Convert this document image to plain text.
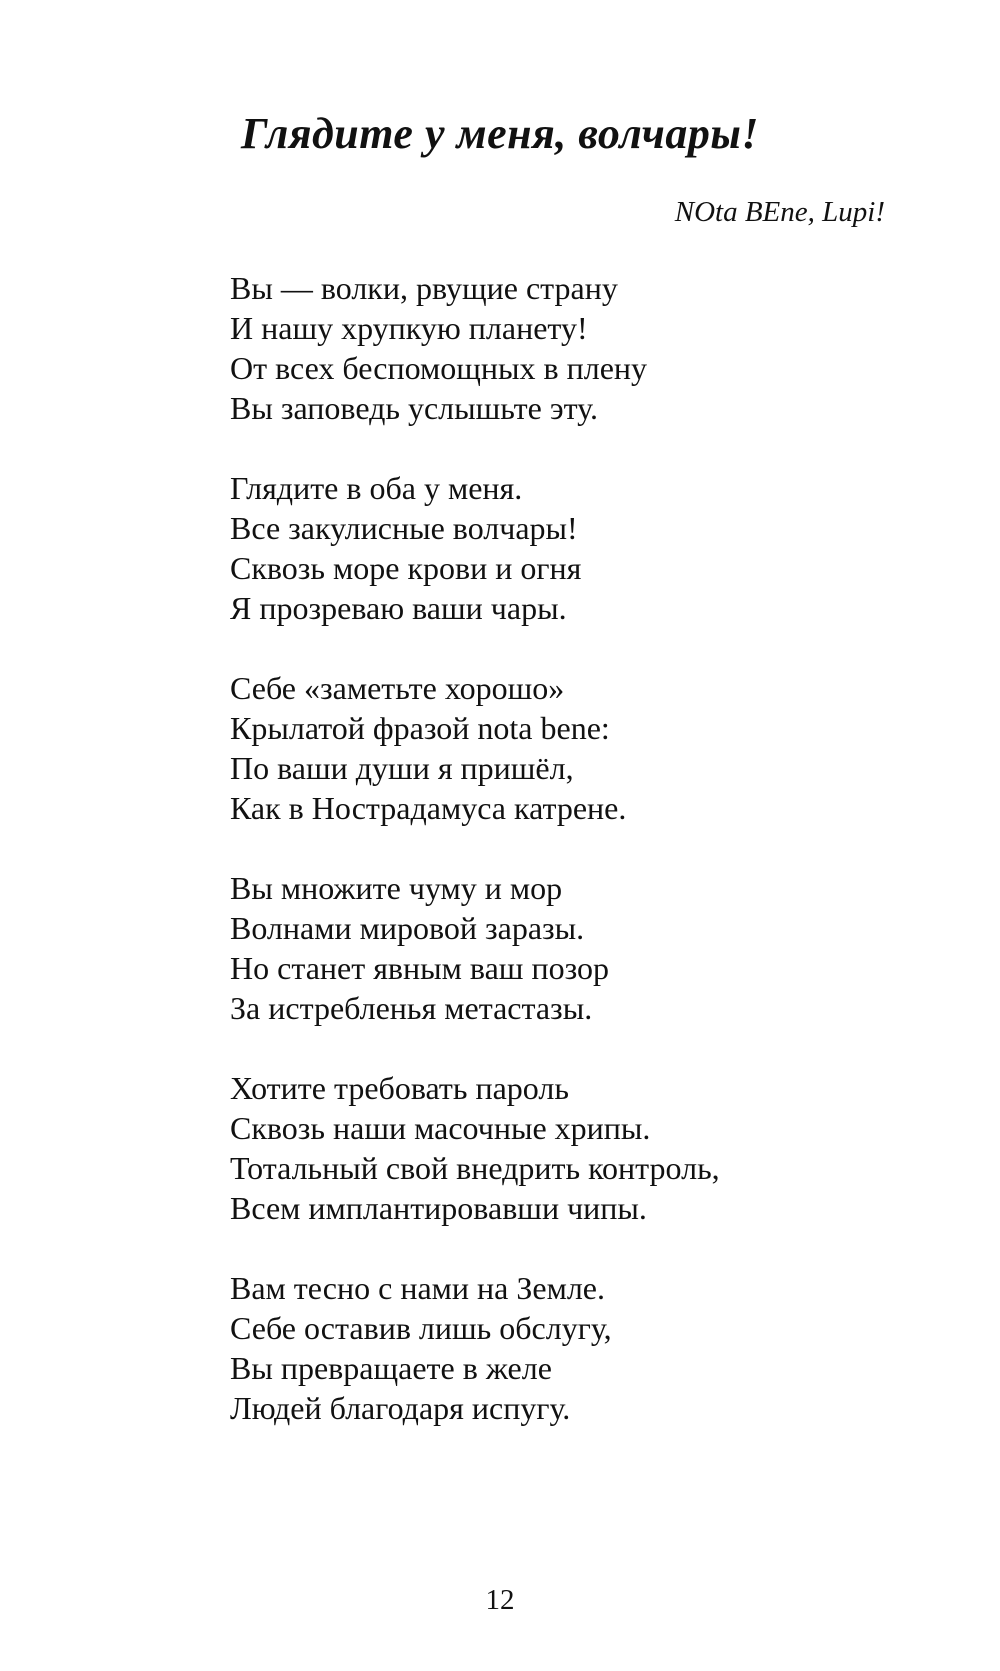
Глядите у меня, волчары!

NOta BEne, Lupi!

Вы — волки, рвущие страну
И нашу хрупкую планету!
От всех беспомощных в плену
Вы заповедь услышьте эту.
Глядите в оба у меня.
Все закулисные волчары!
Сквозь море крови и огня
Я прозреваю ваши чары.
Себе «заметьте хорошо»
Крылатой фразой nota bene:
По ваши души я пришёл,
Как в Нострадамуса катрене.
Вы множите чуму и мор
Волнами мировой заразы.
Но станет явным ваш позор
За истребленья метастазы.
Хотите требовать пароль
Сквозь наши масочные хрипы.
Тотальный свой внедрить контроль,
Всем имплантировавши чипы.
Вам тесно с нами на Земле.
Себе оставив лишь обслугу,
Вы превращаете в желе
Людей благодаря испугу.
12
